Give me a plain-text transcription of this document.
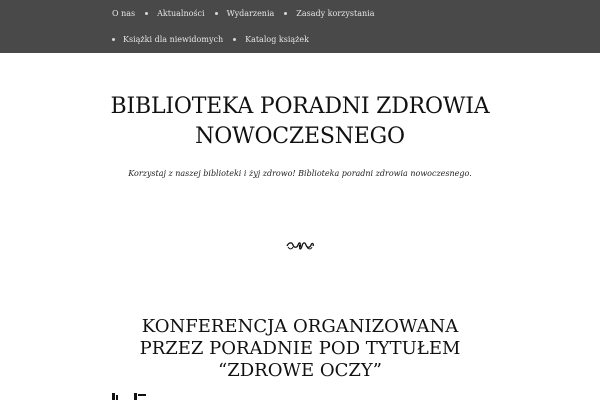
O nas	Aktualności	Wydarzenia	Zasady korzystania
Książki dla niewidomych	Katalog książek
BIBLIOTEKA PORADNI ZDROWIA
NOWOCZESNEGO
Korzystaj z naszej biblioteki i żyj zdrowo! Biblioteka poradni zdrowia nowoczesnego.
KONFERENCJA ORGANIZOWANA
PRZEZ PORADNIE POD TYTUŁEM
“ZDROWE OCZY”
